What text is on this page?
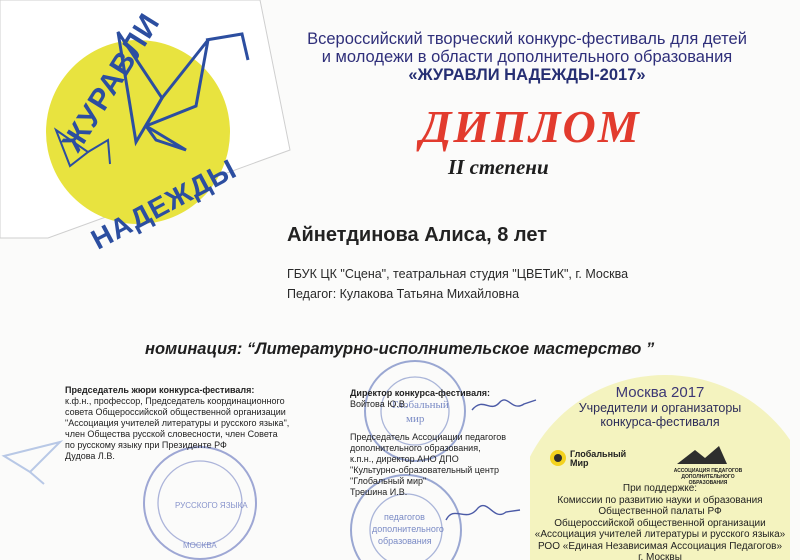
ЖУРАВЛИ
НАДЕЖДЫ
Всероссийский творческий конкурс-фестиваль для детей
и молодежи в области дополнительного образования
«ЖУРАВЛИ НАДЕЖДЫ-2017»
ДИПЛОМ
II степени
Айнетдинова Алиса, 8 лет
ГБУК ЦК "Сцена", театральная студия "ЦВЕТиК", г. Москва
Педагог: Кулакова Татьяна Михайловна
номинация: “Литературно-исполнительское мастерство ”
РУССКОГО ЯЗЫКА
МОСКВА
Председатель жюри конкурса-фестиваля:
к.ф.н., профессор, Председатель координационного
совета Общероссийской общественной организации
"Ассоциация учителей литературы и русского языка",
член Общества русской словесности, член Совета
по русскому языку при Президенте РФ
Дудова Л.В.
Глобальный
мир
педагогов
дополнительного
образования
Директор конкурса-фестиваля:
Войтова Ю.В.
Председатель Ассоциации педагогов
дополнительного образования,
к.п.н., директор АНО ДПО
"Культурно-образовательный центр
"Глобальный мир"
Трешина И.В.
Москва 2017
Учредители и организаторы
конкурса-фестиваля
Глобальный
Мир
АССОЦИАЦИЯ ПЕДАГОГОВ
ДОПОЛНИТЕЛЬНОГО ОБРАЗОВАНИЯ
При поддержке:
Комиссии по развитию науки и образования
Общественной палаты РФ
Общероссийской общественной организации
«Ассоциация учителей литературы и русского языка»
РОО «Единая Независимая Ассоциация Педагогов»
г. Москвы
